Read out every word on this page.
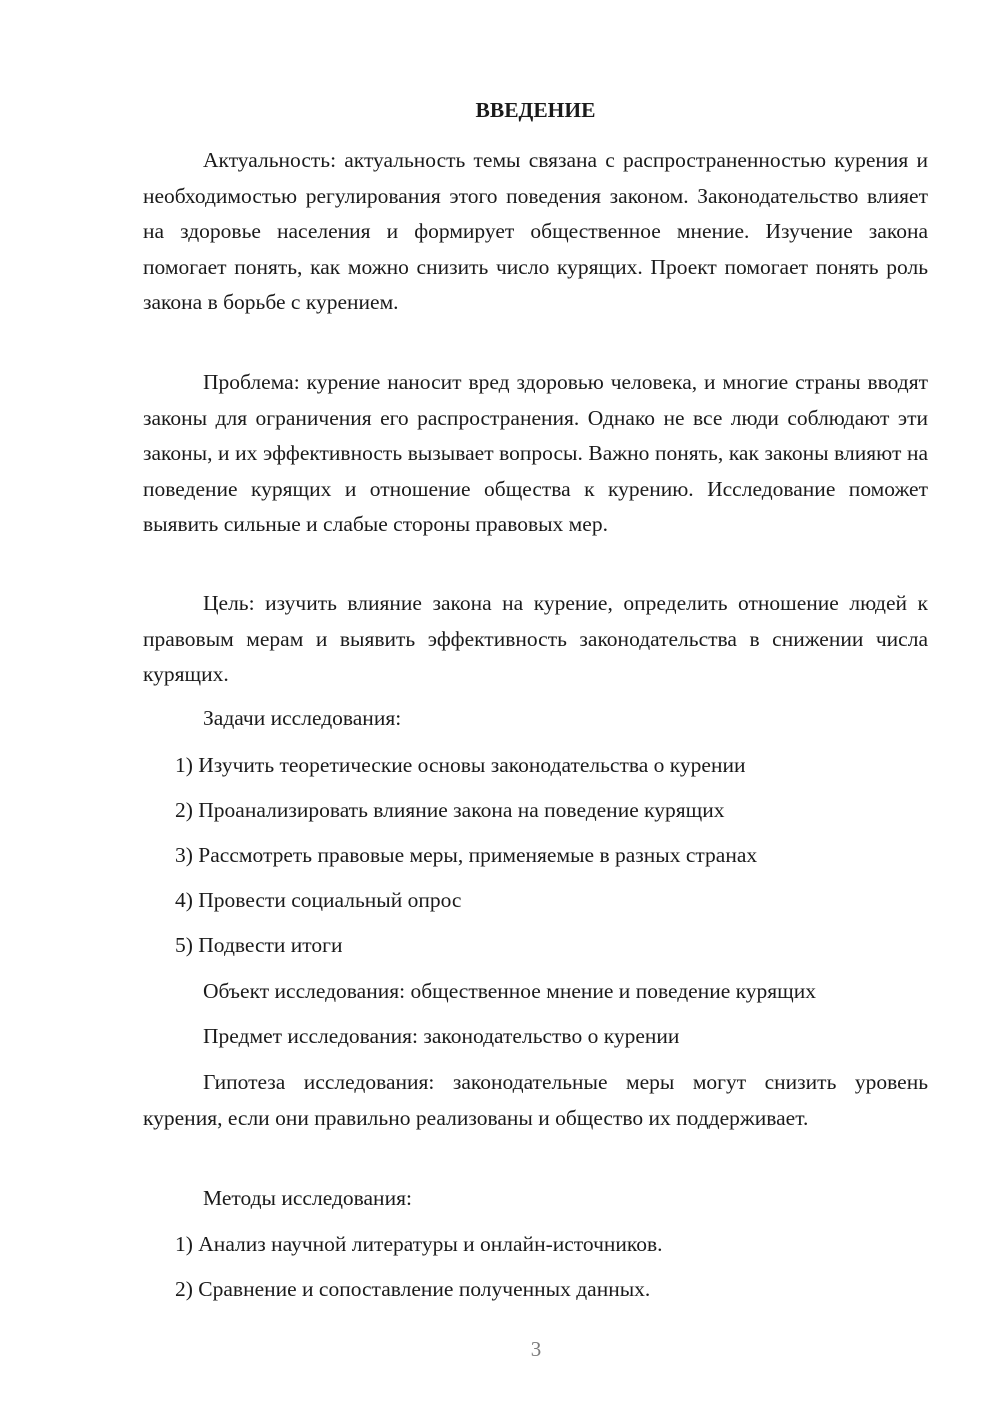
ВВЕДЕНИЕ

Актуальность: актуальность темы связана с распространенностью курения и необходимостью регулирования этого поведения законом. Законодательство влияет на здоровье населения и формирует общественное мнение. Изучение закона помогает понять, как можно снизить число курящих. Проект помогает понять роль закона в борьбе с курением.

Проблема: курение наносит вред здоровью человека, и многие страны вводят законы для ограничения его распространения. Однако не все люди соблюдают эти законы, и их эффективность вызывает вопросы. Важно понять, как законы влияют на поведение курящих и отношение общества к курению. Исследование поможет выявить сильные и слабые стороны правовых мер.

Цель: изучить влияние закона на курение, определить отношение людей к правовым мерам и выявить эффективность законодательства в снижении числа курящих.

Задачи исследования:

1) Изучить теоретические основы законодательства о курении

2) Проанализировать влияние закона на поведение курящих

3) Рассмотреть правовые меры, применяемые в разных странах

4) Провести социальный опрос

5) Подвести итоги

Объект исследования: общественное мнение и поведение курящих

Предмет исследования: законодательство о курении

Гипотеза исследования: законодательные меры могут снизить уровень курения, если они правильно реализованы и общество их поддерживает.

Методы исследования:

1) Анализ научной литературы и онлайн-источников.

2) Сравнение и сопоставление полученных данных.

3
